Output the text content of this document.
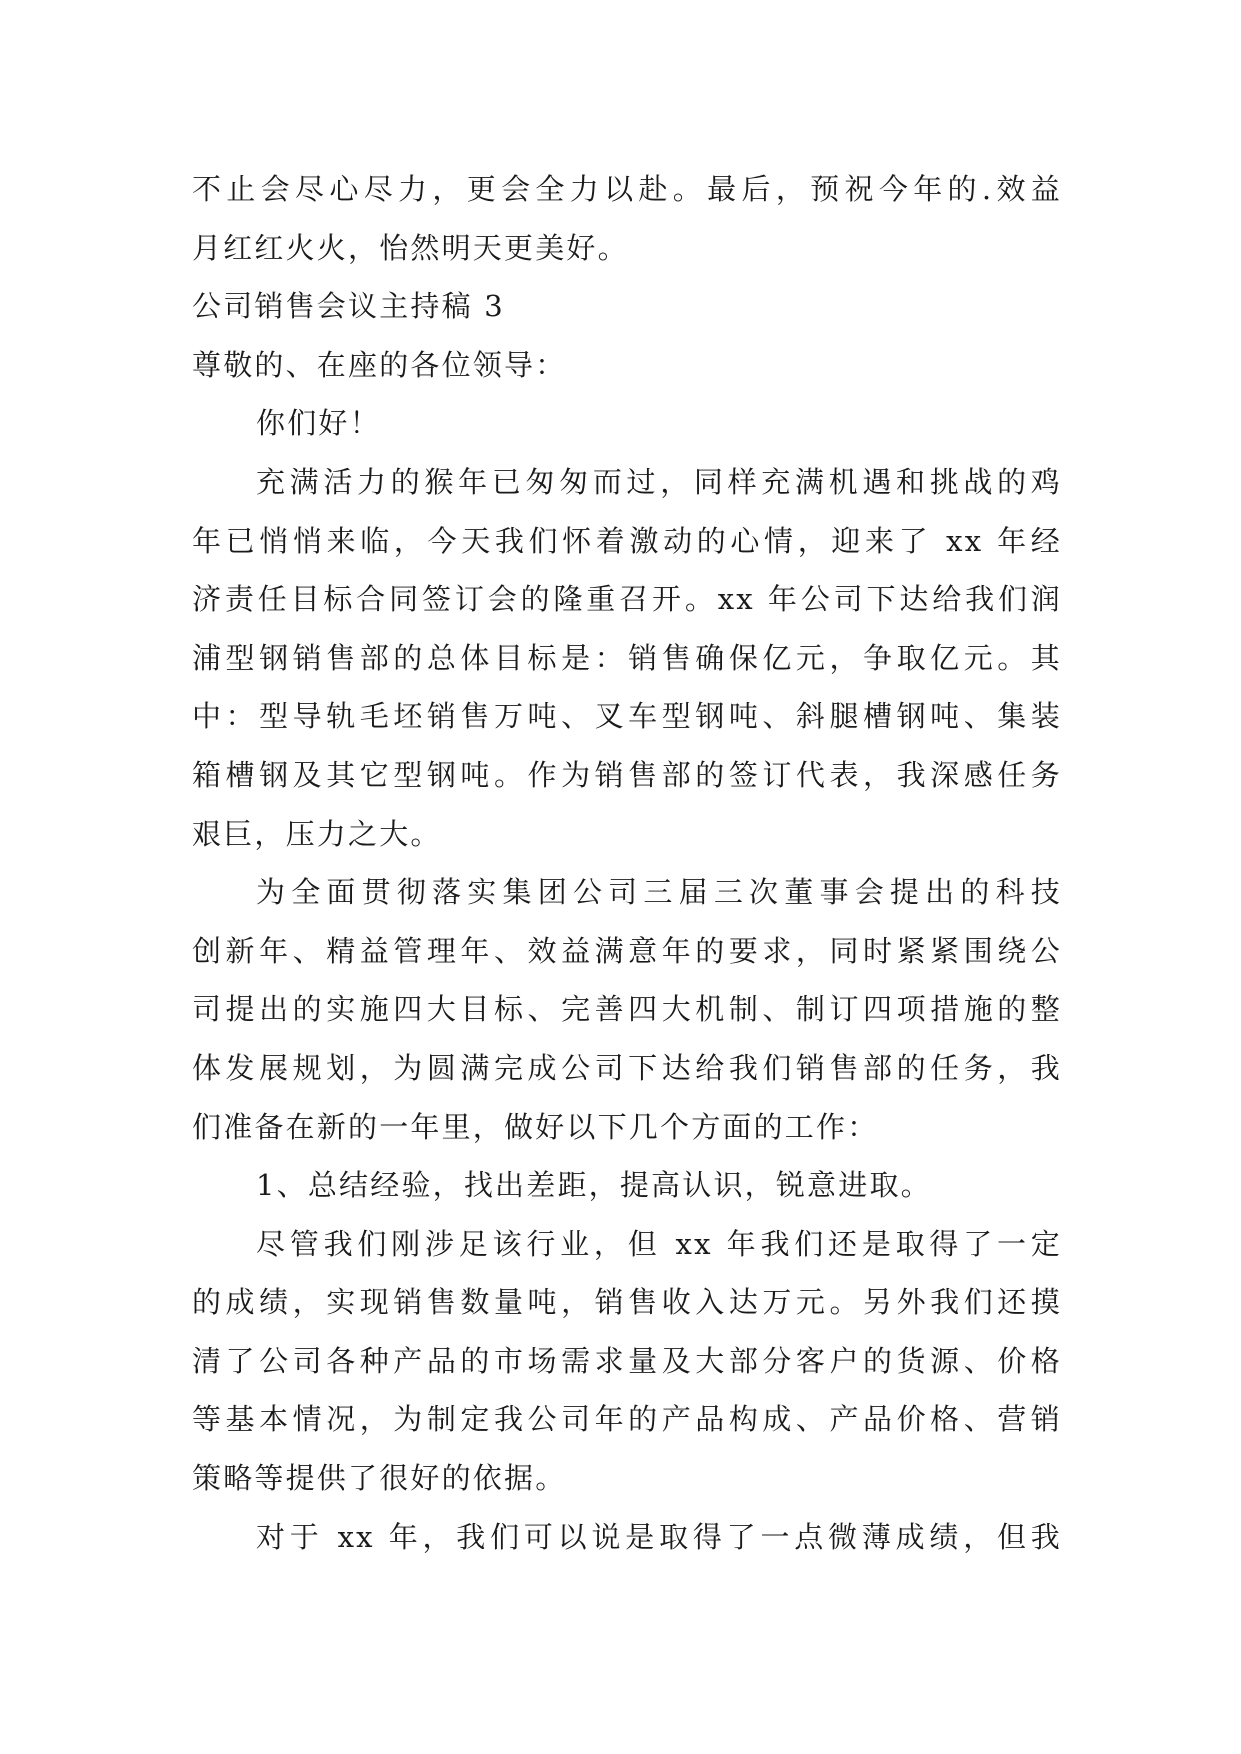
不止会尽心尽力，更会全力以赴。最后，预祝今年的.效益
月红红火火，怡然明天更美好。
公司销售会议主持稿 3
尊敬的、在座的各位领导：
你们好！
充满活力的猴年已匆匆而过，同样充满机遇和挑战的鸡
年已悄悄来临，今天我们怀着激动的心情，迎来了 xx 年经
济责任目标合同签订会的隆重召开。xx 年公司下达给我们润
浦型钢销售部的总体目标是：销售确保亿元，争取亿元。其
中：型导轨毛坯销售万吨、叉车型钢吨、斜腿槽钢吨、集装
箱槽钢及其它型钢吨。作为销售部的签订代表，我深感任务
艰巨，压力之大。
为全面贯彻落实集团公司三届三次董事会提出的科技
创新年、精益管理年、效益满意年的要求，同时紧紧围绕公
司提出的实施四大目标、完善四大机制、制订四项措施的整
体发展规划，为圆满完成公司下达给我们销售部的任务，我
们准备在新的一年里，做好以下几个方面的工作：
1、总结经验，找出差距，提高认识，锐意进取。
尽管我们刚涉足该行业，但 xx 年我们还是取得了一定
的成绩，实现销售数量吨，销售收入达万元。另外我们还摸
清了公司各种产品的市场需求量及大部分客户的货源、价格
等基本情况，为制定我公司年的产品构成、产品价格、营销
策略等提供了很好的依据。
对于 xx 年，我们可以说是取得了一点微薄成绩，但我
